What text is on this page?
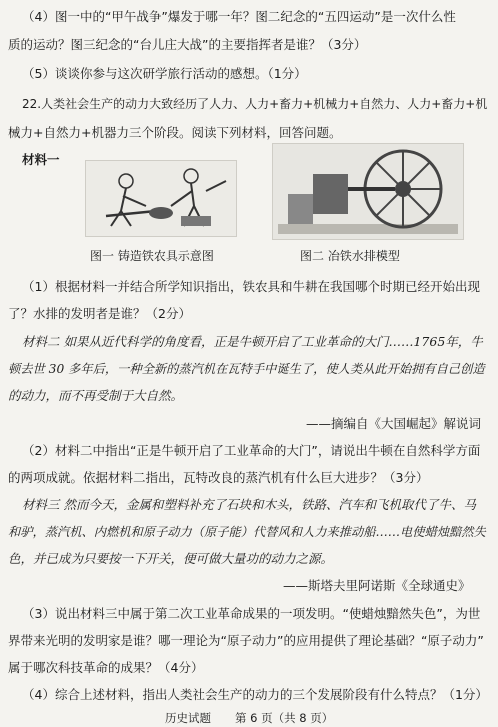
（4）图一中的“甲午战争”爆发于哪一年？图二纪念的“五四运动”是一次什么性
质的运动？图三纪念的“台儿庄大战”的主要指挥者是谁？（3分）
（5）谈谈你参与这次研学旅行活动的感想。（1分）
22.人类社会生产的动力大致经历了人力、人力+畜力+机械力+自然力、人力+畜力+机
械力+自然力+机器力三个阶段。阅读下列材料，回答问题。
材料一
图一 铸造铁农具示意图	图二 冶铁水排模型
（1）根据材料一并结合所学知识指出，铁农具和牛耕在我国哪个时期已经开始出现
了？水排的发明者是谁？（2分）
材料二 如果从近代科学的角度看，正是牛顿开启了工业革命的大门……1765年，牛
顿去世 30 多年后，一种全新的蒸汽机在瓦特手中诞生了，使人类从此开始拥有自己创造
的动力，而不再受制于大自然。
——摘编自《大国崛起》解说词
（2）材料二中指出“正是牛顿开启了工业革命的大门”，请说出牛顿在自然科学方面
的两项成就。依据材料二指出，瓦特改良的蒸汽机有什么巨大进步？（3分）
材料三 然而今天，金属和塑料补充了石块和木头，铁路、汽车和飞机取代了牛、马
和驴，蒸汽机、内燃机和原子动力（原子能）代替风和人力来推动船……电使蜡烛黯然失
色，并已成为只要按一下开关，便可做大量功的动力之源。
——斯塔夫里阿诺斯《全球通史》
（3）说出材料三中属于第二次工业革命成果的一项发明。“使蜡烛黯然失色”，为世
界带来光明的发明家是谁？哪一理论为“原子动力”的应用提供了理论基础？“原子动力”
属于哪次科技革命的成果？（4分）
（4）综合上述材料，指出人类社会生产的动力的三个发展阶段有什么特点？（1分）
历史试题 第 6 页（共 8 页）
